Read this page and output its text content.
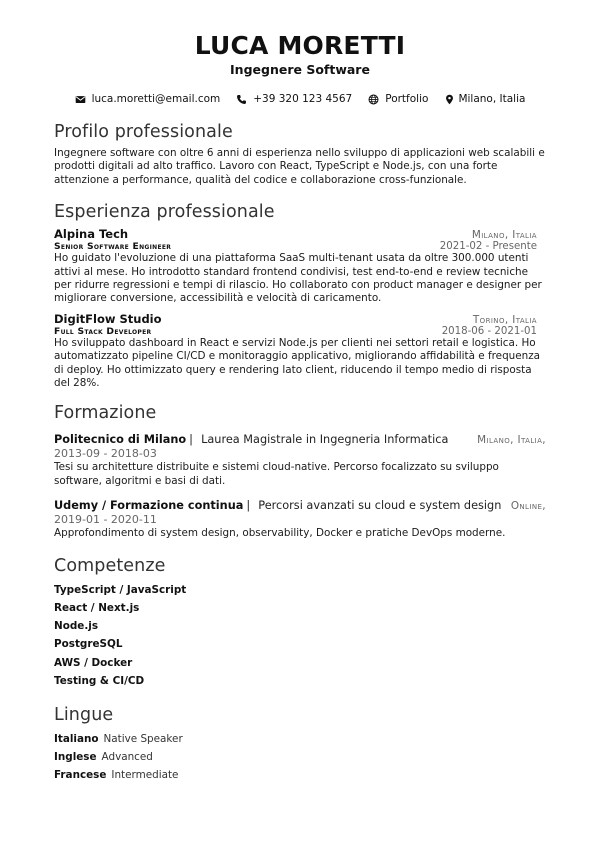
LUCA MORETTI
Ingegnere Software
luca.moretti@email.com	+39 320 123 4567	Portfolio	Milano, Italia
Profilo professionale

Ingegnere software con oltre 6 anni di esperienza nello sviluppo di applicazioni web scalabili e prodotti digitali ad alto traffico. Lavoro con React, TypeScript e Node.js, con una forte attenzione a performance, qualità del codice e collaborazione cross-funzionale.

Esperienza professionale
Alpina Tech	Milano, Italia
Senior Software Engineer	2021-02 - Presente

Ho guidato l'evoluzione di una piattaforma SaaS multi-tenant usata da oltre 300.000 utenti attivi al mese. Ho introdotto standard frontend condivisi, test end-to-end e review tecniche per ridurre regressioni e tempi di rilascio. Ho collaborato con product manager e designer per migliorare conversione, accessibilità e velocità di caricamento.

DigitFlow Studio	Torino, Italia
Full Stack Developer	2018-06 - 2021-01

Ho sviluppato dashboard in React e servizi Node.js per clienti nei settori retail e logistica. Ho automatizzato pipeline CI/CD e monitoraggio applicativo, migliorando affidabilità e frequenza di deploy. Ho ottimizzato query e rendering lato client, riducendo il tempo medio di risposta del 28%.

Formazione
Politecnico di Milano | Laurea Magistrale in Ingegneria Informatica	Milano, Italia,
2013-09 - 2018-03

Tesi su architetture distribuite e sistemi cloud-native. Percorso focalizzato su sviluppo software, algoritmi e basi di dati.

Udemy / Formazione continua | Percorsi avanzati su cloud e system design Online,
2019-01 - 2020-11

Approfondimento di system design, observability, Docker e pratiche DevOps moderne.

Competenze
TypeScript / JavaScript
React / Next.js
Node.js
PostgreSQL
AWS / Docker
Testing & CI/CD
Lingue
Italiano Native Speaker
Inglese Advanced
Francese Intermediate
